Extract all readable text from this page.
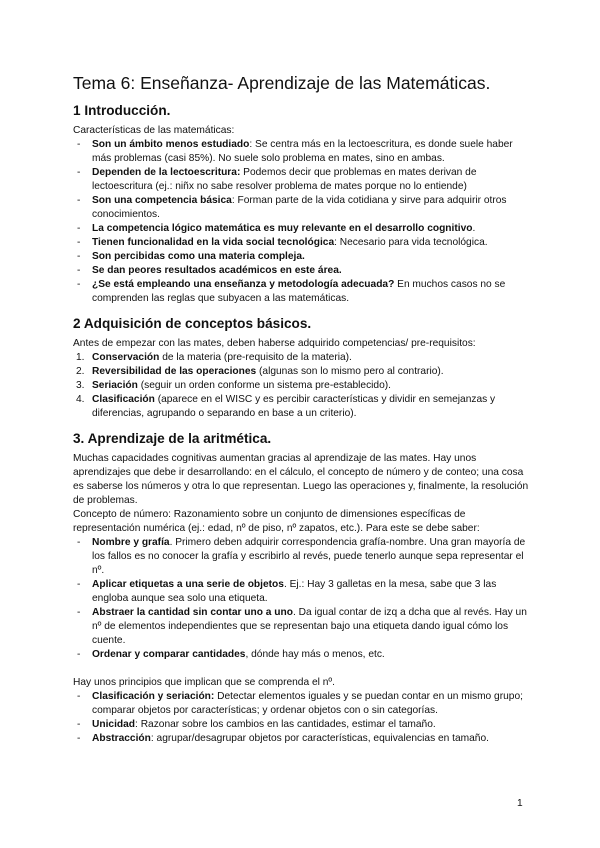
Tema 6: Enseñanza- Aprendizaje de las Matemáticas.
1 Introducción.

Características de las matemáticas:

- Son un ámbito menos estudiado: Se centra más en la lectoescritura, es donde suele haber más problemas (casi 85%). No suele solo problema en mates, sino en ambas.
- Dependen de la lectoescritura: Podemos decir que problemas en mates derivan de lectoescritura (ej.: niñx no sabe resolver problema de mates porque no lo entiende)
- Son una competencia básica: Forman parte de la vida cotidiana y sirve para adquirir otros conocimientos.
- La competencia lógico matemática es muy relevante en el desarrollo cognitivo.
- Tienen funcionalidad en la vida social tecnológica: Necesario para vida tecnológica.
- Son percibidas como una materia compleja.
- Se dan peores resultados académicos en este área.
- ¿Se está empleando una enseñanza y metodología adecuada? En muchos casos no se comprenden las reglas que subyacen a las matemáticas.
2 Adquisición de conceptos básicos.

Antes de empezar con las mates, deben haberse adquirido competencias/ pre-requisitos:

1. Conservación de la materia (pre-requisito de la materia).
2. Reversibilidad de las operaciones (algunas son lo mismo pero al contrario).
3. Seriación (seguir un orden conforme un sistema pre-establecido).
4. Clasificación (aparece en el WISC y es percibir características y dividir en semejanzas y diferencias, agrupando o separando en base a un criterio).
3. Aprendizaje de la aritmética.

Muchas capacidades cognitivas aumentan gracias al aprendizaje de las mates. Hay unos aprendizajes que debe ir desarrollando: en el cálculo, el concepto de número y de conteo; una cosa es saberse los números y otra lo que representan. Luego las operaciones y, finalmente, la resolución de problemas.

Concepto de número: Razonamiento sobre un conjunto de dimensiones específicas de representación numérica (ej.: edad, nº de piso, nº zapatos, etc.). Para este se debe saber:

- Nombre y grafía. Primero deben adquirir correspondencia grafía-nombre. Una gran mayoría de los fallos es no conocer la grafía y escribirlo al revés, puede tenerlo aunque sepa representar el nº.
- Aplicar etiquetas a una serie de objetos. Ej.: Hay 3 galletas en la mesa, sabe que 3 las engloba aunque sea solo una etiqueta.
- Abstraer la cantidad sin contar uno a uno. Da igual contar de izq a dcha que al revés. Hay un nº de elementos independientes que se representan bajo una etiqueta dando igual cómo los cuente.
- Ordenar y comparar cantidades, dónde hay más o menos, etc.

Hay unos principios que implican que se comprenda el nº.

- Clasificación y seriación: Detectar elementos iguales y se puedan contar en un mismo grupo; comparar objetos por características; y ordenar objetos con o sin categorías.
- Unicidad: Razonar sobre los cambios en las cantidades, estimar el tamaño.
- Abstracción: agrupar/desagrupar objetos por características, equivalencias en tamaño.
1
